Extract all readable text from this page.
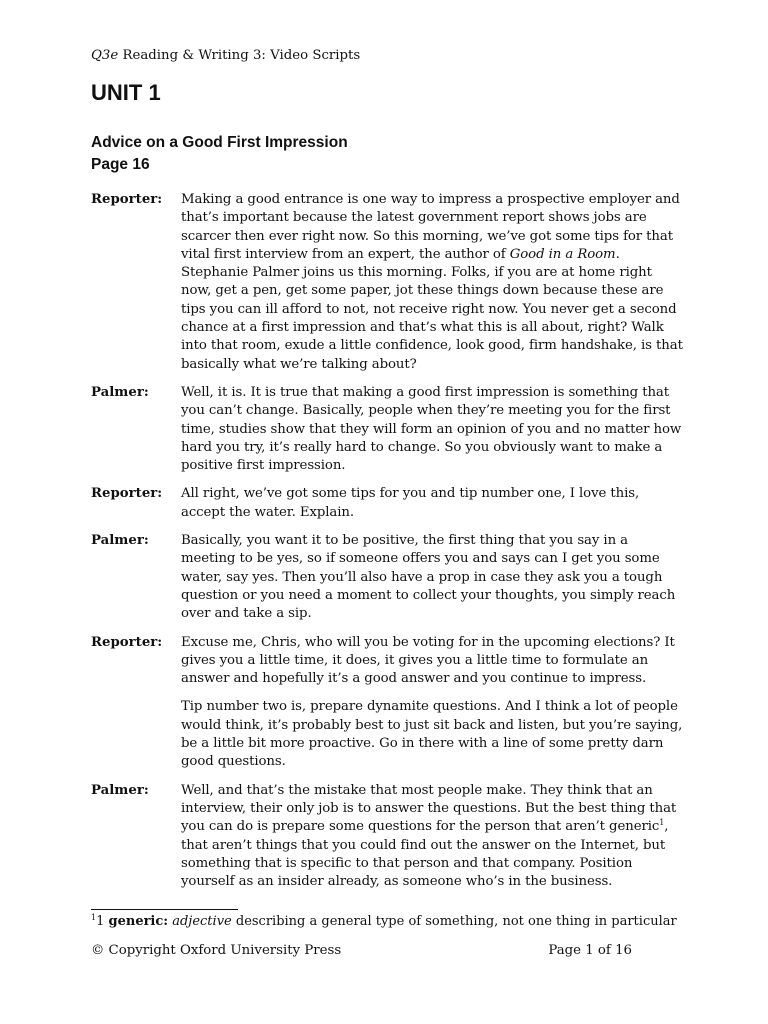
Q3e Reading & Writing 3: Video Scripts
UNIT 1
Advice on a Good First Impression
Page 16
Reporter:	Making a good entrance is one way to impress a prospective employer and that’s important because the latest government report shows jobs are scarcer then ever right now. So this morning, we’ve got some tips for that vital first interview from an expert, the author of Good in a Room. Stephanie Palmer joins us this morning. Folks, if you are at home right now, get a pen, get some paper, jot these things down because these are tips you can ill afford to not, not receive right now. You never get a second chance at a first impression and that’s what this is all about, right? Walk into that room, exude a little confidence, look good, firm handshake, is that basically what we’re talking about?

Palmer:	Well, it is. It is true that making a good first impression is something that you can’t change. Basically, people when they’re meeting you for the first time, studies show that they will form an opinion of you and no matter how hard you try, it’s really hard to change. So you obviously want to make a positive first impression.

Reporter:	All right, we’ve got some tips for you and tip number one, I love this, accept the water. Explain.

Palmer:	Basically, you want it to be positive, the first thing that you say in a meeting to be yes, so if someone offers you and says can I get you some water, say yes. Then you’ll also have a prop in case they ask you a tough question or you need a moment to collect your thoughts, you simply reach over and take a sip.

Reporter:	Excuse me, Chris, who will you be voting for in the upcoming elections? It gives you a little time, it does, it gives you a little time to formulate an answer and hopefully it’s a good answer and you continue to impress.

Tip number two is, prepare dynamite questions. And I think a lot of people would think, it’s probably best to just sit back and listen, but you’re saying, be a little bit more proactive. Go in there with a line of some pretty darn good questions.

Palmer:	Well, and that’s the mistake that most people make. They think that an interview, their only job is to answer the questions. But the best thing that you can do is prepare some questions for the person that aren’t generic$^1$, that aren’t things that you could find out the answer on the Internet, but something that is specific to that person and that company. Position yourself as an insider already, as someone who’s in the business.

$^1$1 generic: adjective describing a general type of something, not one thing in particular
© Copyright Oxford University Press	Page 1 of 16
